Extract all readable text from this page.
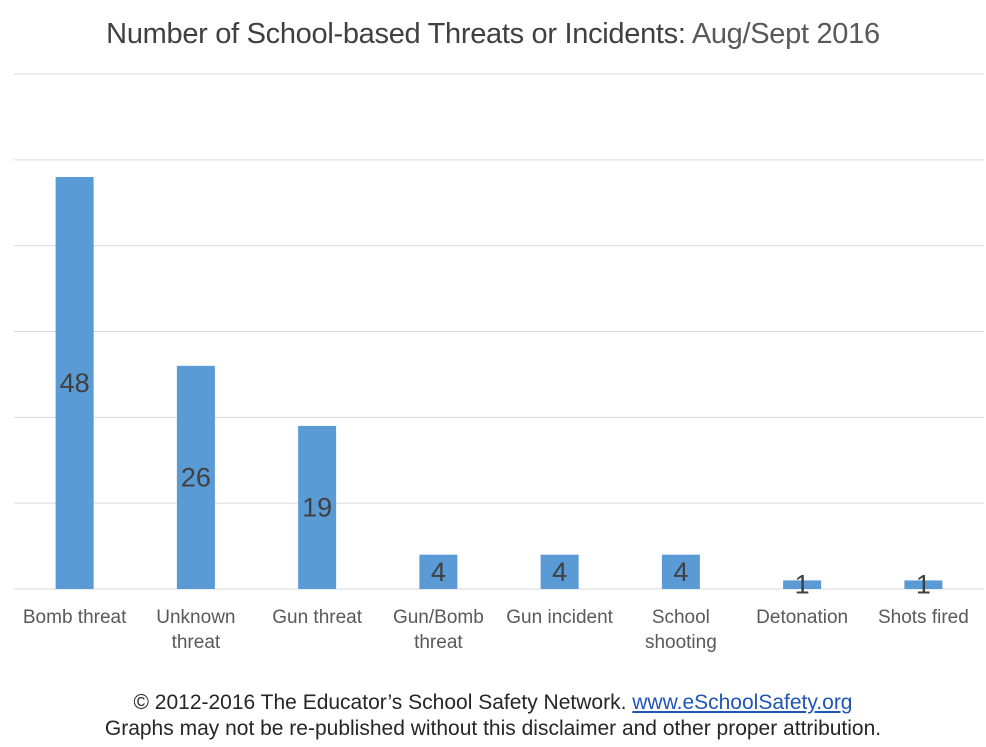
Number of School-based Threats or Incidents: Aug/Sept 2016
48
Bomb threat
26
Unknown threat
19
Gun threat
4
Gun/Bomb threat
4
Gun incident
4
School shooting
1
Detonation
1
Shots fired
© 2012-2016 The Educator’s School Safety Network. www.eSchoolSafety.org
Graphs may not be re-published without this disclaimer and other proper attribution.
